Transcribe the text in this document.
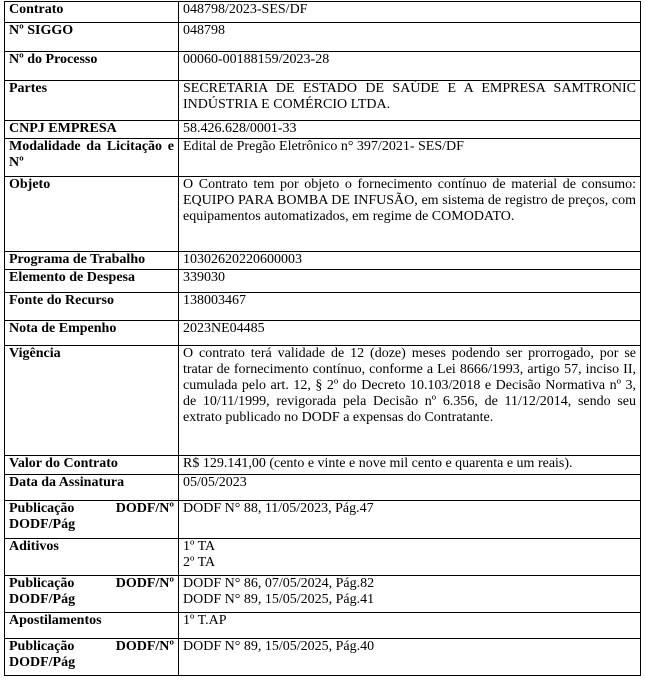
Contrato	048798/2023-SES/DF
Nº SIGGO	048798
Nº do Processo	00060-00188159/2023-28
Partes	SECRETARIA DE ESTADO DE SAÚDE E A EMPRESA SAMTRONIC INDÚSTRIA E COMÉRCIO LTDA.
CNPJ EMPRESA	58.426.628/0001-33
Modalidade da Licitação e Nº	Edital de Pregão Eletrônico n° 397/2021- SES/DF
Objeto	O Contrato tem por objeto o fornecimento contínuo de material de consumo: EQUIPO PARA BOMBA DE INFUSÃO, em sistema de registro de preços, com equipamentos automatizados, em regime de COMODATO.
Programa de Trabalho	10302620220600003
Elemento de Despesa	339030
Fonte do Recurso	138003467
Nota de Empenho	2023NE04485
Vigência	O contrato terá validade de 12 (doze) meses podendo ser prorrogado, por se tratar de fornecimento contínuo, conforme a Lei 8666/1993, artigo 57, inciso II, cumulada pelo art. 12, § 2º do Decreto 10.103/2018 e Decisão Normativa nº 3, de 10/11/1999, revigorada pela Decisão nº 6.356, de 11/12/2014, sendo seu extrato publicado no DODF a expensas do Contratante.
Valor do Contrato	R$ 129.141,00 (cento e vinte e nove mil cento e quarenta e um reais).
Data da Assinatura	05/05/2023
Publicação DODF/Nº DODF/Pág	DODF N° 88, 11/05/2023, Pág.47
Aditivos	1º TA
2º TA

Publicação DODF/Nº DODF/Pág	DODF N° 86, 07/05/2024, Pág.82
DODF N° 89, 15/05/2025, Pág.41

Apostilamentos	1º T.AP
Publicação DODF/Nº DODF/Pág	DODF N° 89, 15/05/2025, Pág.40
